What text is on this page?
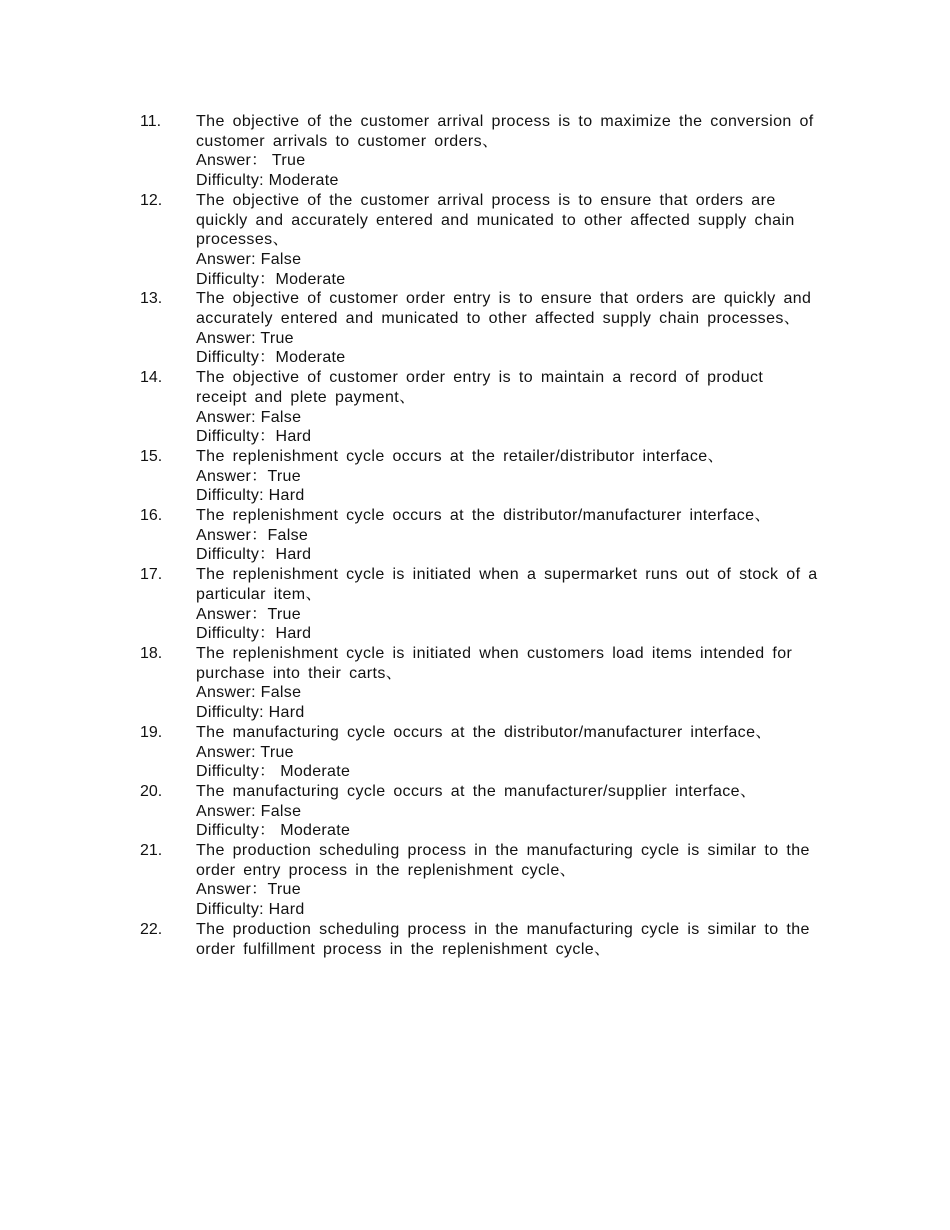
11. The objective of the customer arrival process is to maximize the conversion of customer arrivals to customer orders、
Answer： True
Difficulty: Moderate
12. The objective of the customer arrival process is to ensure that orders are quickly and accurately entered and municated to other affected supply chain processes、
Answer: False
Difficulty：Moderate
13. The objective of customer order entry is to ensure that orders are quickly and accurately entered and municated to other affected supply chain processes、
Answer: True
Difficulty：Moderate
14. The objective of customer order entry is to maintain a record of product receipt and plete payment、
Answer: False
Difficulty：Hard
15. The replenishment cycle occurs at the retailer/distributor interface、
Answer：True
Difficulty: Hard
16. The replenishment cycle occurs at the distributor/manufacturer interface、
Answer：False
Difficulty：Hard
17. The replenishment cycle is initiated when a supermarket runs out of stock of a particular item、
Answer：True
Difficulty：Hard
18. The replenishment cycle is initiated when customers load items intended for purchase into their carts、
Answer: False
Difficulty: Hard
19. The manufacturing cycle occurs at the distributor/manufacturer interface、
Answer: True
Difficulty： Moderate
20. The manufacturing cycle occurs at the manufacturer/supplier interface、
Answer: False
Difficulty： Moderate
21. The production scheduling process in the manufacturing cycle is similar to the order entry process in the replenishment cycle、
Answer：True
Difficulty: Hard
22. The production scheduling process in the manufacturing cycle is similar to the order fulfillment process in the replenishment cycle、
